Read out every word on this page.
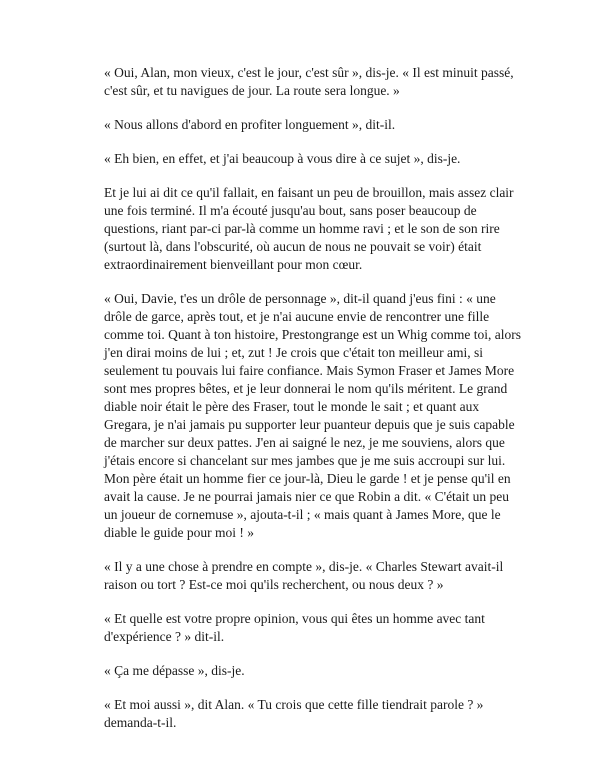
« Oui, Alan, mon vieux, c'est le jour, c'est sûr », dis-je. « Il est minuit passé, c'est sûr, et tu navigues de jour. La route sera longue. »

« Nous allons d'abord en profiter longuement », dit-il.

« Eh bien, en effet, et j'ai beaucoup à vous dire à ce sujet », dis-je.

Et je lui ai dit ce qu'il fallait, en faisant un peu de brouillon, mais assez clair une fois terminé. Il m'a écouté jusqu'au bout, sans poser beaucoup de questions, riant par-ci par-là comme un homme ravi ; et le son de son rire (surtout là, dans l'obscurité, où aucun de nous ne pouvait se voir) était extraordinairement bienveillant pour mon cœur.

« Oui, Davie, t'es un drôle de personnage », dit-il quand j'eus fini : « une drôle de garce, après tout, et je n'ai aucune envie de rencontrer une fille comme toi. Quant à ton histoire, Prestongrange est un Whig comme toi, alors j'en dirai moins de lui ; et, zut ! Je crois que c'était ton meilleur ami, si seulement tu pouvais lui faire confiance. Mais Symon Fraser et James More sont mes propres bêtes, et je leur donnerai le nom qu'ils méritent. Le grand diable noir était le père des Fraser, tout le monde le sait ; et quant aux Gregara, je n'ai jamais pu supporter leur puanteur depuis que je suis capable de marcher sur deux pattes. J'en ai saigné le nez, je me souviens, alors que j'étais encore si chancelant sur mes jambes que je me suis accroupi sur lui. Mon père était un homme fier ce jour-là, Dieu le garde ! et je pense qu'il en avait la cause. Je ne pourrai jamais nier ce que Robin a dit. « C'était un peu un joueur de cornemuse », ajouta-t-il ; « mais quant à James More, que le diable le guide pour moi ! »

« Il y a une chose à prendre en compte », dis-je. « Charles Stewart avait-il raison ou tort ? Est-ce moi qu'ils recherchent, ou nous deux ? »

« Et quelle est votre propre opinion, vous qui êtes un homme avec tant d'expérience ? » dit-il.

« Ça me dépasse », dis-je.

« Et moi aussi », dit Alan. « Tu crois que cette fille tiendrait parole ? » demanda-t-il.
